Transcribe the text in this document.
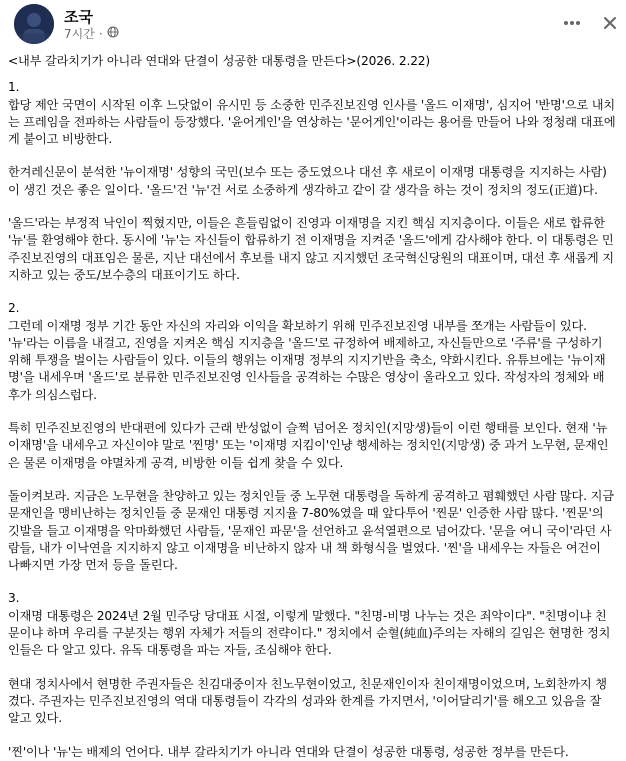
조국
7시간 ·

<내부 갈라치기가 아니라 연대와 단결이 성공한 대통령을 만든다>(2026. 2.22)

1.

합당 제안 국면이 시작된 이후 느닷없이 유시민 등 소중한 민주진보진영 인사를 '올드 이재명', 심지어 '반명'으로 내치는 프레임을 전파하는 사람들이 등장했다. '윤어게인'을 연상하는 '문어게인'이라는 용어를 만들어 나와 정청래 대표에게 붙이고 비방한다.

한겨레신문이 분석한 '뉴이재명' 성향의 국민(보수 또는 중도였으나 대선 후 새로이 이재명 대통령을 지지하는 사람)이 생긴 것은 좋은 일이다. '올드'건 '뉴'건 서로 소중하게 생각하고 같이 갈 생각을 하는 것이 정치의 정도(正道)다.

'올드'라는 부정적 낙인이 찍혔지만, 이들은 흔들림없이 진영과 이재명을 지킨 핵심 지지층이다. 이들은 새로 합류한 '뉴'를 환영해야 한다. 동시에 '뉴'는 자신들이 합류하기 전 이재명을 지켜준 '올드'에게 감사해야 한다. 이 대통령은 민주진보진영의 대표임은 물론, 지난 대선에서 후보를 내지 않고 지지했던 조국혁신당원의 대표이며, 대선 후 새롭게 지지하고 있는 중도/보수층의 대표이기도 하다.

2.

그런데 이재명 정부 기간 동안 자신의 자리와 이익을 확보하기 위해 민주진보진영 내부를 쪼개는 사람들이 있다. '뉴'라는 이름을 내걸고, 진영을 지켜온 핵심 지지층을 '올드'로 규정하여 배제하고, 자신들만으로 '주류'를 구성하기 위해 투쟁을 벌이는 사람들이 있다. 이들의 행위는 이재명 정부의 지지기반을 축소, 약화시킨다. 유튜브에는 '뉴이재명'을 내세우며 '올드'로 분류한 민주진보진영 인사들을 공격하는 수많은 영상이 올라오고 있다. 작성자의 정체와 배후가 의심스럽다.

특히 민주진보진영의 반대편에 있다가 근래 반성없이 슬쩍 넘어온 정치인(지망생)들이 이런 행태를 보인다. 현재 '뉴이재명'을 내세우고 자신이야 말로 '찐명' 또는 '이재명 지킴이'인냥 행세하는 정치인(지망생) 중 과거 노무현, 문재인은 물론 이재명을 야멸차게 공격, 비방한 이들 쉽게 찾을 수 있다.

돌이켜보라. 지금은 노무현을 찬양하고 있는 정치인들 중 노무현 대통령을 독하게 공격하고 폄훼했던 사람 많다. 지금 문재인을 맹비난하는 정치인들 중 문재인 대통령 지지율 7-80%였을 때 앞다투어 '찐문' 인증한 사람 많다. '찐문'의 깃발을 들고 이재명을 악마화했던 사람들, '문재인 파문'을 선언하고 윤석열편으로 넘어갔다. '문을 여니 국이'라던 사람들, 내가 이낙연을 지지하지 않고 이재명을 비난하지 않자 내 책 화형식을 벌였다. '찐'을 내세우는 자들은 여건이 나빠지면 가장 먼저 등을 돌린다.

3.

이재명 대통령은 2024년 2월 민주당 당대표 시절, 이렇게 말했다. "친명-비명 나누는 것은 죄악이다". "친명이냐 친문이냐 하며 우리를 구분짓는 행위 자체가 저들의 전략이다." 정치에서 순혈(純血)주의는 자해의 길임은 현명한 정치인들은 다 알고 있다. 유독 대통령을 파는 자들, 조심해야 한다.

현대 정치사에서 현명한 주권자들은 친김대중이자 친노무현이었고, 친문재인이자 친이재명이었으며, 노회찬까지 챙겼다. 주권자는 민주진보진영의 역대 대통령들이 각각의 성과와 한계를 가지면서, '이어달리기'를 해오고 있음을 잘 알고 있다.

'찐'이나 '뉴'는 배제의 언어다. 내부 갈라치기가 아니라 연대와 단결이 성공한 대통령, 성공한 정부를 만든다.
